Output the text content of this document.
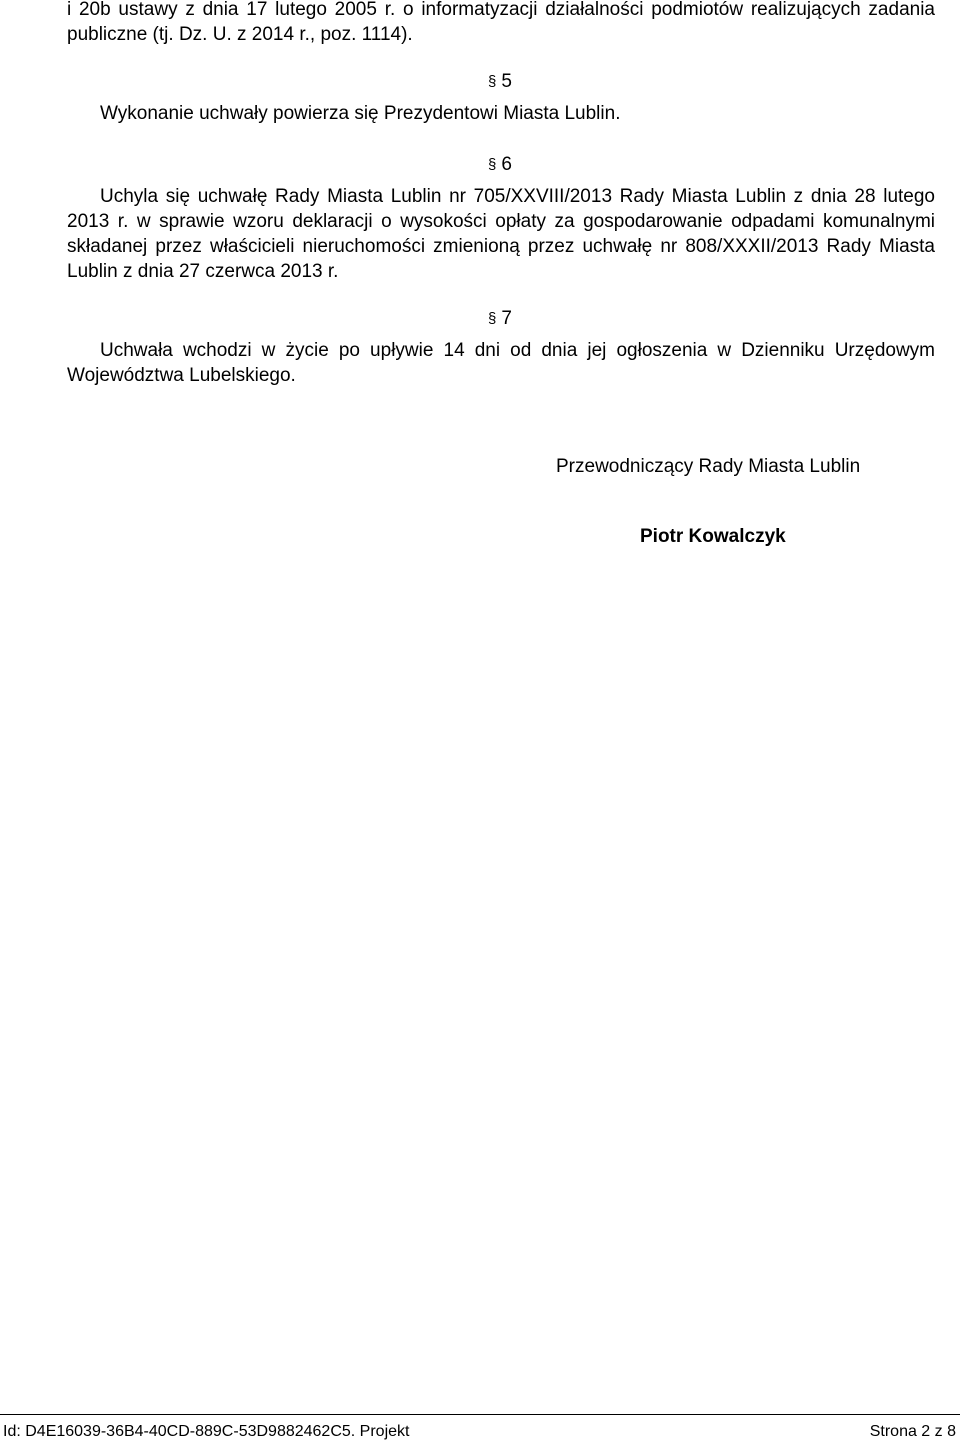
i 20b ustawy z dnia 17 lutego 2005 r. o informatyzacji działalności podmiotów realizujących zadania publiczne (tj. Dz. U. z 2014 r., poz. 1114).
§ 5
Wykonanie uchwały powierza się Prezydentowi Miasta Lublin.
§ 6
Uchyla się uchwałę Rady Miasta Lublin nr 705/XXVIII/2013 Rady Miasta Lublin z dnia 28 lutego 2013 r. w sprawie wzoru deklaracji o wysokości opłaty za gospodarowanie odpadami komunalnymi składanej przez właścicieli nieruchomości zmienioną przez uchwałę nr 808/XXXII/2013 Rady Miasta Lublin z dnia 27 czerwca 2013 r.
§ 7
Uchwała wchodzi w życie po upływie 14 dni od dnia jej ogłoszenia w Dzienniku Urzędowym Województwa Lubelskiego.
Przewodniczący Rady Miasta Lublin
Piotr Kowalczyk
Id: D4E16039-36B4-40CD-889C-53D9882462C5. Projekt	Strona 2 z 8
